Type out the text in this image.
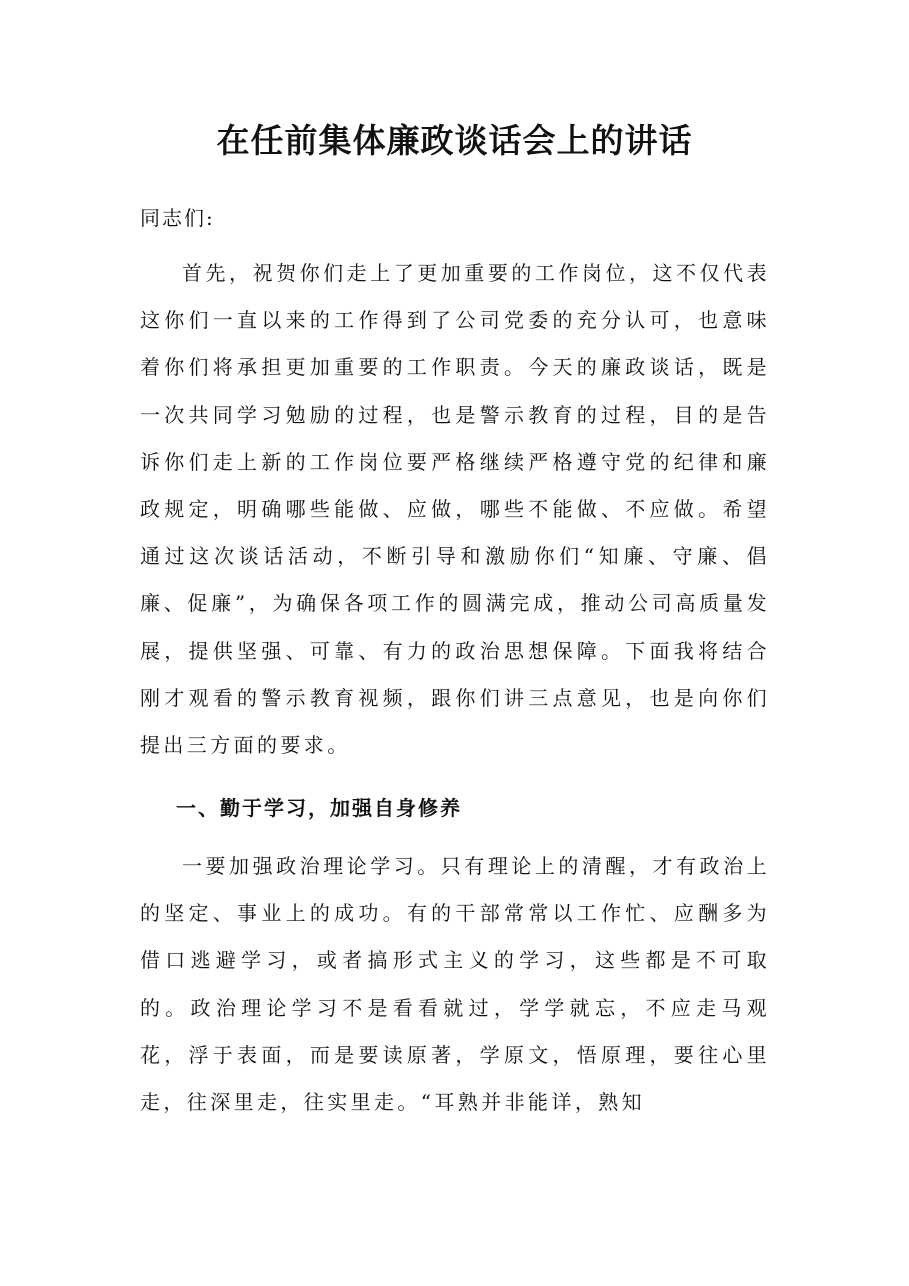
在任前集体廉政谈话会上的讲话
同志们:

首先，祝贺你们走上了更加重要的工作岗位，这不仅代表这你们一直以来的工作得到了公司党委的充分认可，也意味着你们将承担更加重要的工作职责。今天的廉政谈话，既是一次共同学习勉励的过程，也是警示教育的过程，目的是告诉你们走上新的工作岗位要严格继续严格遵守党的纪律和廉政规定，明确哪些能做、应做，哪些不能做、不应做。希望通过这次谈话活动，不断引导和激励你们“知廉、守廉、倡廉、促廉”，为确保各项工作的圆满完成，推动公司高质量发展，提供坚强、可靠、有力的政治思想保障。下面我将结合刚才观看的警示教育视频，跟你们讲三点意见，也是向你们提出三方面的要求。

一、勤于学习，加强自身修养

一要加强政治理论学习。只有理论上的清醒，才有政治上的坚定、事业上的成功。有的干部常常以工作忙、应酬多为借口逃避学习，或者搞形式主义的学习，这些都是不可取的。政治理论学习不是看看就过，学学就忘，不应走马观花，浮于表面，而是要读原著，学原文，悟原理，要往心里走，往深里走，往实里走。“耳熟并非能详，熟知
